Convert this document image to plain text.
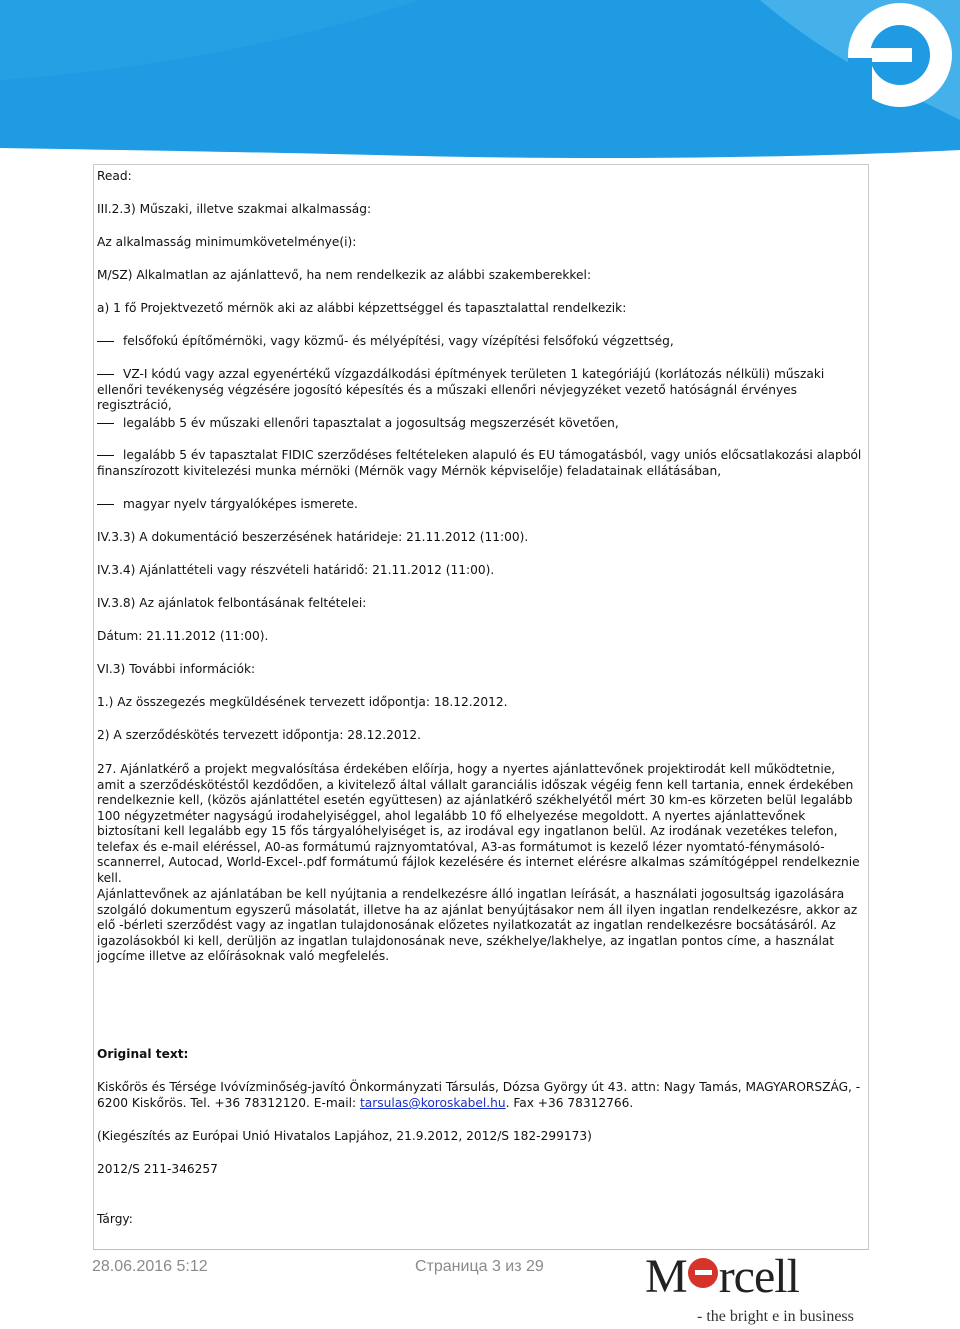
Read:

III.2.3) Műszaki, illetve szakmai alkalmasság:

Az alkalmasság minimumkövetelménye(i):

M/SZ) Alkalmatlan az ajánlattevő, ha nem rendelkezik az alábbi szakemberekkel:

a) 1 fő Projektvezető mérnök aki az alábbi képzettséggel és tapasztalattal rendelkezik:

felsőfokú építőmérnöki, vagy közmű- és mélyépítési, vagy vízépítési felsőfokú végzettség,

VZ-I kódú vagy azzal egyenértékű vízgazdálkodási építmények területen 1 kategóriájú (korlátozás nélküli) műszaki ellenőri tevékenység végzésére jogosító képesítés és a műszaki ellenőri névjegyzéket vezető hatóságnál érvényes regisztráció,

legalább 5 év műszaki ellenőri tapasztalat a jogosultság megszerzését követően,

legalább 5 év tapasztalat FIDIC szerződéses feltételeken alapuló és EU támogatásból, vagy uniós előcsatlakozási alapból finanszírozott kivitelezési munka mérnöki (Mérnök vagy Mérnök képviselője) feladatainak ellátásában,

magyar nyelv tárgyalóképes ismerete.

IV.3.3) A dokumentáció beszerzésének határideje: 21.11.2012 (11:00).

IV.3.4) Ajánlattételi vagy részvételi határidő: 21.11.2012 (11:00).

IV.3.8) Az ajánlatok felbontásának feltételei:

Dátum: 21.11.2012 (11:00).

VI.3) További információk:

1.) Az összegezés megküldésének tervezett időpontja: 18.12.2012.

2) A szerződéskötés tervezett időpontja: 28.12.2012.

27. Ajánlatkérő a projekt megvalósítása érdekében előírja, hogy a nyertes ajánlattevőnek projektirodát kell működtetnie, amit a szerződéskötéstől kezdődően, a kivitelező által vállalt garanciális időszak végéig fenn kell tartania, ennek érdekében rendelkeznie kell, (közös ajánlattétel esetén együttesen) az ajánlatkérő székhelyétől mért 30 km-es körzeten belül legalább 100 négyzetméter nagyságú irodahelyiséggel, ahol legalább 10 fő elhelyezése megoldott. A nyertes ajánlattevőnek biztosítani kell legalább egy 15 fős tárgyalóhelyiséget is, az irodával egy ingatlanon belül. Az irodának vezetékes telefon, telefax és e-mail eléréssel, A0-as formátumú rajznyomtatóval, A3-as formátumot is kezelő lézer nyomtató-fénymásoló-scannerrel, Autocad, World-Excel-.pdf formátumú fájlok kezelésére és internet elérésre alkalmas számítógéppel rendelkeznie kell.

Ajánlattevőnek az ajánlatában be kell nyújtania a rendelkezésre álló ingatlan leírását, a használati jogosultság igazolására szolgáló dokumentum egyszerű másolatát, illetve ha az ajánlat benyújtásakor nem áll ilyen ingatlan rendelkezésre, akkor az elő -bérleti szerződést vagy az ingatlan tulajdonosának előzetes nyilatkozatát az ingatlan rendelkezésre bocsátásáról. Az igazolásokból ki kell, derüljön az ingatlan tulajdonosának neve, székhelye/lakhelye, az ingatlan pontos címe, a használat jogcíme illetve az előírásoknak való megfelelés.

Original text:

Kiskőrös és Térsége Ivóvízminőség-javító Önkormányzati Társulás, Dózsa György út 43. attn: Nagy Tamás, MAGYARORSZÁG, -

6200 Kiskőrös. Tel. +36 78312120. E-mail: tarsulas@koroskabel.hu. Fax +36 78312766.

(Kiegészítés az Európai Unió Hivatalos Lapjához, 21.9.2012, 2012/S 182-299173)

2012/S 211-346257

Tárgy:

28.06.2016 5:12	Страница 3 из 29 M rcell
- the bright e in business
